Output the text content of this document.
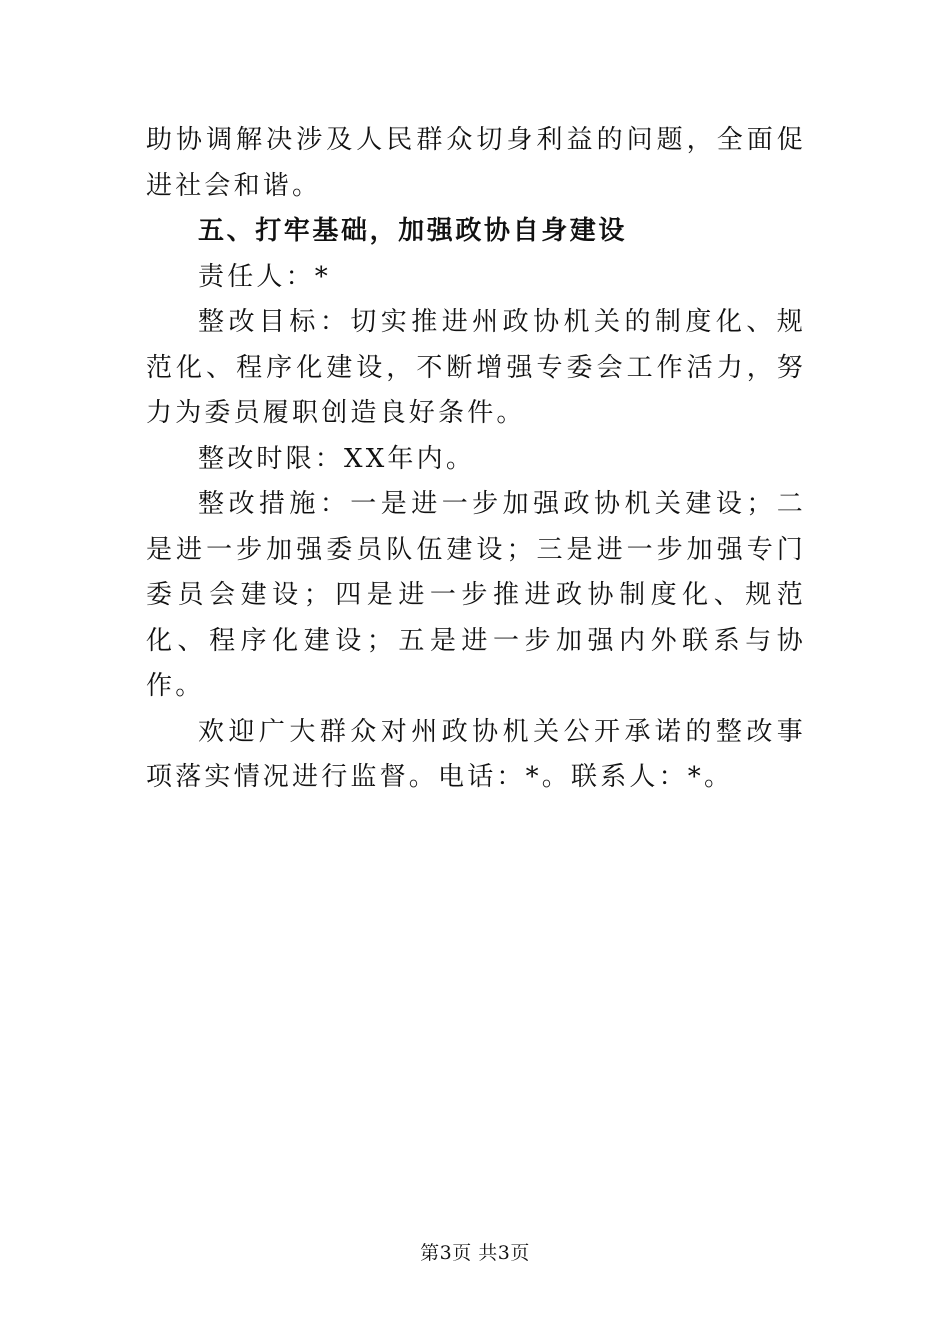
助协调解决涉及人民群众切身利益的问题，全面促进社会和谐。

五、打牢基础，加强政协自身建设

责任人：*

整改目标：切实推进州政协机关的制度化、规范化、程序化建设，不断增强专委会工作活力，努力为委员履职创造良好条件。

整改时限：XX年内。

整改措施：一是进一步加强政协机关建设；二是进一步加强委员队伍建设；三是进一步加强专门委员会建设；四是进一步推进政协制度化、规范化、程序化建设；五是进一步加强内外联系与协作。

欢迎广大群众对州政协机关公开承诺的整改事项落实情况进行监督。电话：*。联系人：*。

第3页 共3页
